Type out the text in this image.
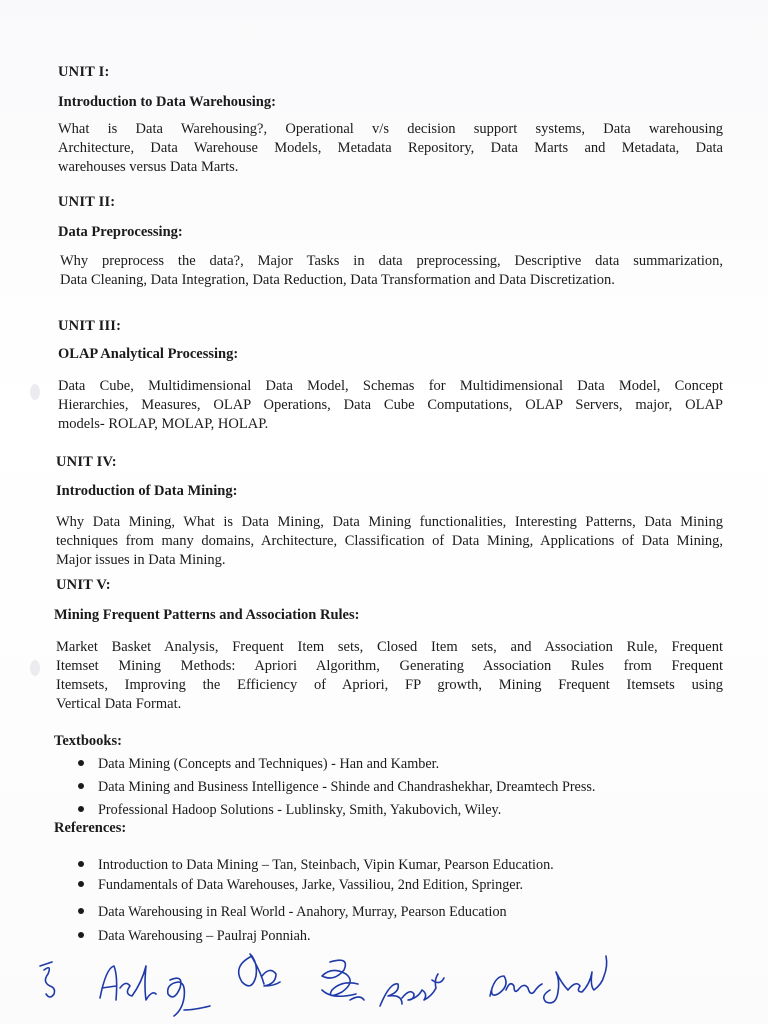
UNIT I:
Introduction to Data Warehousing:
What is Data Warehousing?, Operational v/s decision support systems, Data warehousing
Architecture, Data Warehouse Models, Metadata Repository, Data Marts and Metadata, Data
warehouses versus Data Marts.
UNIT II:
Data Preprocessing:
Why preprocess the data?, Major Tasks in data preprocessing, Descriptive data summarization,
Data Cleaning, Data Integration, Data Reduction, Data Transformation and Data Discretization.
UNIT III:
OLAP Analytical Processing:
Data Cube, Multidimensional Data Model, Schemas for Multidimensional Data Model, Concept
Hierarchies, Measures, OLAP Operations, Data Cube Computations, OLAP Servers, major, OLAP
models- ROLAP, MOLAP, HOLAP.
UNIT IV:
Introduction of Data Mining:
Why Data Mining, What is Data Mining, Data Mining functionalities, Interesting Patterns, Data Mining
techniques from many domains, Architecture, Classification of Data Mining, Applications of Data Mining,
Major issues in Data Mining.
UNIT V:
Mining Frequent Patterns and Association Rules:
Market Basket Analysis, Frequent Item sets, Closed Item sets, and Association Rule, Frequent
Itemset Mining Methods: Apriori Algorithm, Generating Association Rules from Frequent
Itemsets, Improving the Efficiency of Apriori, FP growth, Mining Frequent Itemsets using
Vertical Data Format.
Textbooks:
Data Mining (Concepts and Techniques) - Han and Kamber.
Data Mining and Business Intelligence - Shinde and Chandrashekhar, Dreamtech Press.
Professional Hadoop Solutions - Lublinsky, Smith, Yakubovich, Wiley.
References:
Introduction to Data Mining – Tan, Steinbach, Vipin Kumar, Pearson Education.
Fundamentals of Data Warehouses, Jarke, Vassiliou, 2nd Edition, Springer.
Data Warehousing in Real World - Anahory, Murray, Pearson Education
Data Warehousing – Paulraj Ponniah.
